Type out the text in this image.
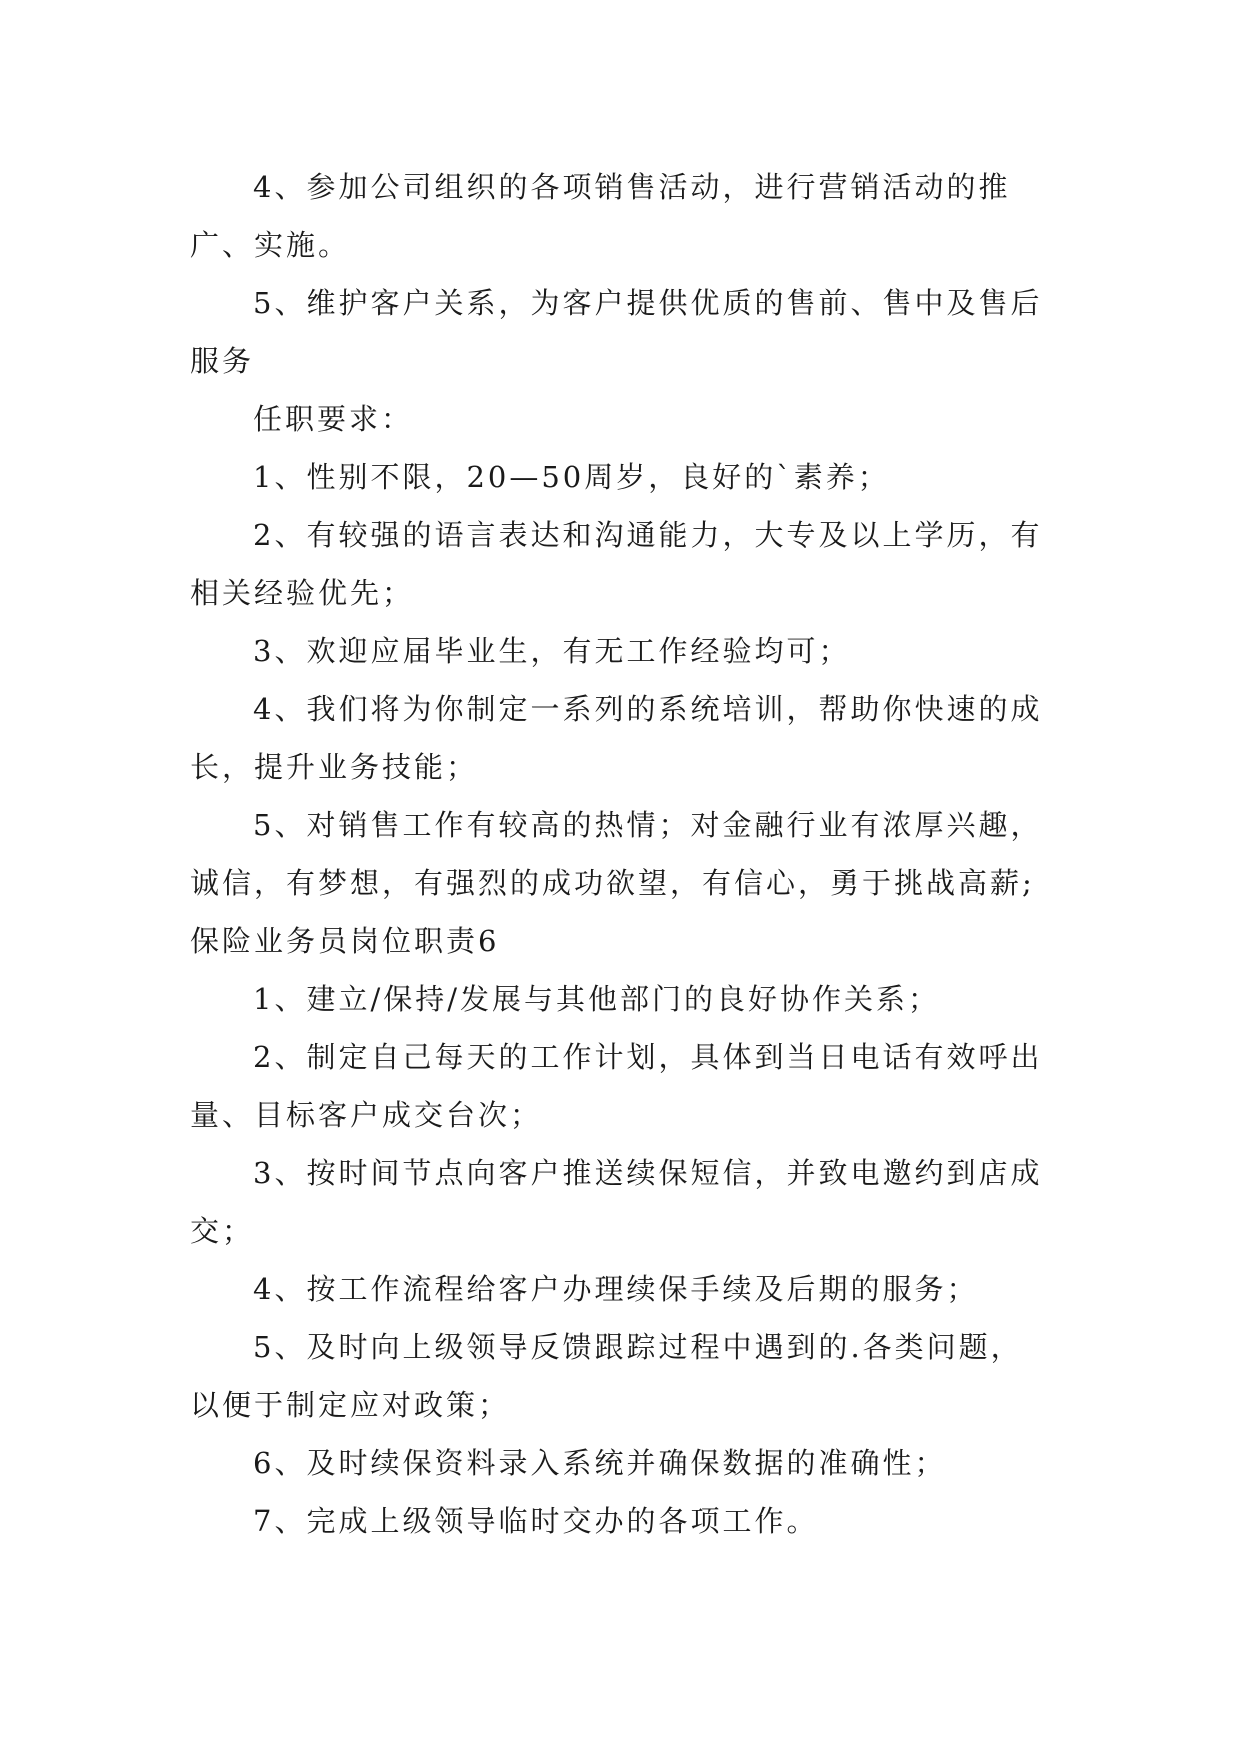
4、参加公司组织的各项销售活动，进行营销活动的推广、实施。

5、维护客户关系，为客户提供优质的售前、售中及售后服务

任职要求：

1、性别不限，20—50周岁，良好的`素养；

2、有较强的语言表达和沟通能力，大专及以上学历，有相关经验优先；

3、欢迎应届毕业生，有无工作经验均可；

4、我们将为你制定一系列的系统培训，帮助你快速的成长，提升业务技能；

5、对销售工作有较高的热情；对金融行业有浓厚兴趣，诚信，有梦想，有强烈的成功欲望，有信心，勇于挑战高薪;

保险业务员岗位职责6

1、建立/保持/发展与其他部门的良好协作关系；

2、制定自己每天的工作计划，具体到当日电话有效呼出量、目标客户成交台次；

3、按时间节点向客户推送续保短信，并致电邀约到店成交；

4、按工作流程给客户办理续保手续及后期的服务；

5、及时向上级领导反馈跟踪过程中遇到的.各类问题，以便于制定应对政策；

6、及时续保资料录入系统并确保数据的准确性；

7、完成上级领导临时交办的各项工作。
